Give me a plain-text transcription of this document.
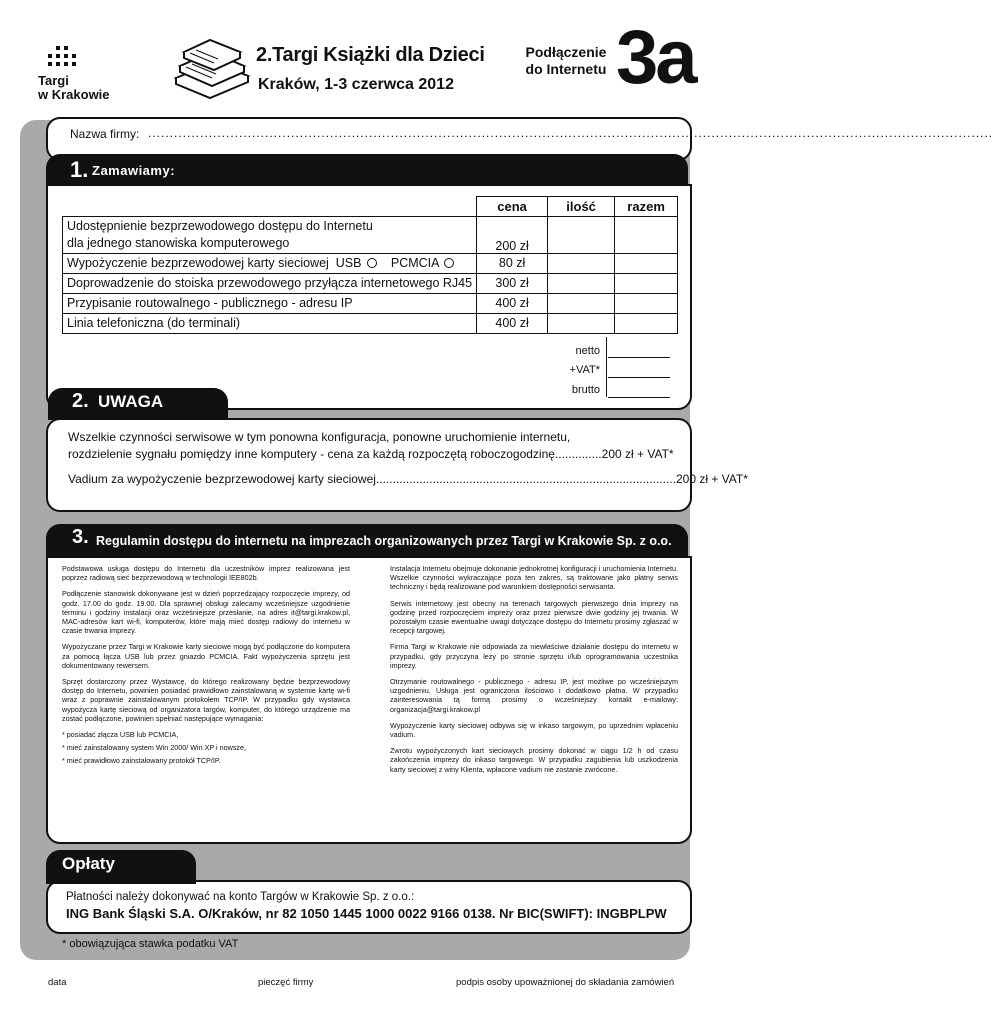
Targi
w Krakowie
2.Targi Książki dla Dzieci
Kraków, 1-3 czerwca 2012
Podłączenie
do Internetu 3a
Nazwa firmy: ...................................................................................................................................................................................................
1. Zamawiamy:
	cena	ilość	razem

Udostępnienie bezprzewodowego dostępu do Internetu
dla jednego stanowiska komputerowego	200 zł		
Wypożyczenie bezprzewodowej karty sieciowej USB PCMCIA	80 zł		
Doprowadzenie do stoiska przewodowego przyłącza internetowego RJ45	300 zł		
Przypisanie routowalnego - publicznego - adresu IP	400 zł		
Linia telefoniczna (do terminali)	400 zł		
netto
+VAT*
brutto
2. UWAGA
Wszelkie czynności serwisowe w tym ponowna konfiguracja, ponowne uruchomienie internetu,
rozdzielenie sygnału pomiędzy inne komputery - cena za każdą rozpoczętą roboczogodzinę..............200 zł + VAT*
Vadium za wypożyczenie bezprzewodowej karty sieciowej..........................................................................................200 zł + VAT*
3. Regulamin dostępu do internetu na imprezach organizowanych przez Targi w Krakowie Sp. z o.o.

Podstawowa usługa dostępu do Internetu dla uczestników imprez realizowana jest poprzez radiową sieć bezprzewodową w technologii IEE802b.

Podłączenie stanowisk dokonywane jest w dzień poprzedzający rozpoczęcie imprezy, od godz. 17.00 do godz. 19.00. Dla sprawnej obsługi zalecamy wcześniejsze uzgodnienie terminu i godziny instalacji oraz wcześniejsze przesłanie, na adres it@targi.krakow.pl, MAC-adresów kart wi-fi, komputerów, które mają mieć dostęp radiowy do internetu w czasie trwania imprezy.

Wypożyczane przez Targi w Krakowie karty sieciowe mogą być podłączone do komputera za pomocą łącza USB lub przez gniazdo PCMCIA. Fakt wypożyczenia sprzętu jest dokumentowany rewersem.

Sprzęt dostarczony przez Wystawcę, do którego realizowany będzie bezprzewodowy dostęp do Internetu, powinien posiadać prawidłowo zainstalowaną w systemie kartę wi-fi wraz z poprawnie zainstalowanym protokołem TCP/IP. W przypadku gdy wystawca wypożycza kartę sieciową od organizatora targów, komputer, do którego urządzenie ma zostać podłączone, powinien spełniać następujące wymagania:

* posiadać złącza USB lub PCMCIA,

* mieć zainstalowany system Win 2000/ Win XP i nowsze,

* mieć prawidłowo zainstalowany protokół TCP/IP.

Instalacja Internetu obejmuje dokonanie jednokrotnej konfiguracji i uruchomienia Internetu. Wszelkie czynności wykraczające poza ten zakres, są traktowane jako płatny serwis techniczny i będą realizowane pod warunkiem dostępności serwisanta.

Serwis internetowy jest obecny na terenach targowych pierwszego dnia imprezy na godzinę przed rozpoczęciem imprezy oraz przez pierwsze dwie godziny jej trwania. W pozostałym czasie ewentualne uwagi dotyczące dostępu do Internetu prosimy zgłaszać w recepcji targowej.

Firma Targi w Krakowie nie odpowiada za niewłaściwe działanie dostępu do internetu w przypadku, gdy przyczyna leży po stronie sprzętu i/lub oprogramowania uczestnika imprezy.

Otrzymanie routowalnego - publicznego - adresu IP, jest możliwe po wcześniejszym uzgodnieniu. Usługa jest ograniczona ilościowo i dodatkowo płatna. W przypadku zainteresowania tą formą prosimy o wcześniejszy kontakt e-mailowy: organizacja@targi.krakow.pl

Wypożyczenie karty sieciowej odbywa się w inkaso targowym, po uprzednim wpłaceniu vadium.

Zwrotu wypożyczonych kart sieciowych prosimy dokonać w ciągu 1/2 h od czasu zakończenia imprezy do inkaso targowego. W przypadku zagubienia lub uszkodzenia karty sieciowej z winy Klienta, wpłacone vadium nie zostanie zwrócone.

Opłaty
Płatności należy dokonywać na konto Targów w Krakowie Sp. z o.o.:
ING Bank Śląski S.A. O/Kraków, nr 82 1050 1445 1000 0022 9166 0138. Nr BIC(SWIFT): INGBPLPW
* obowiązująca stawka podatku VAT
data	pieczęć firmy	podpis osoby upoważnionej do składania zamówień
